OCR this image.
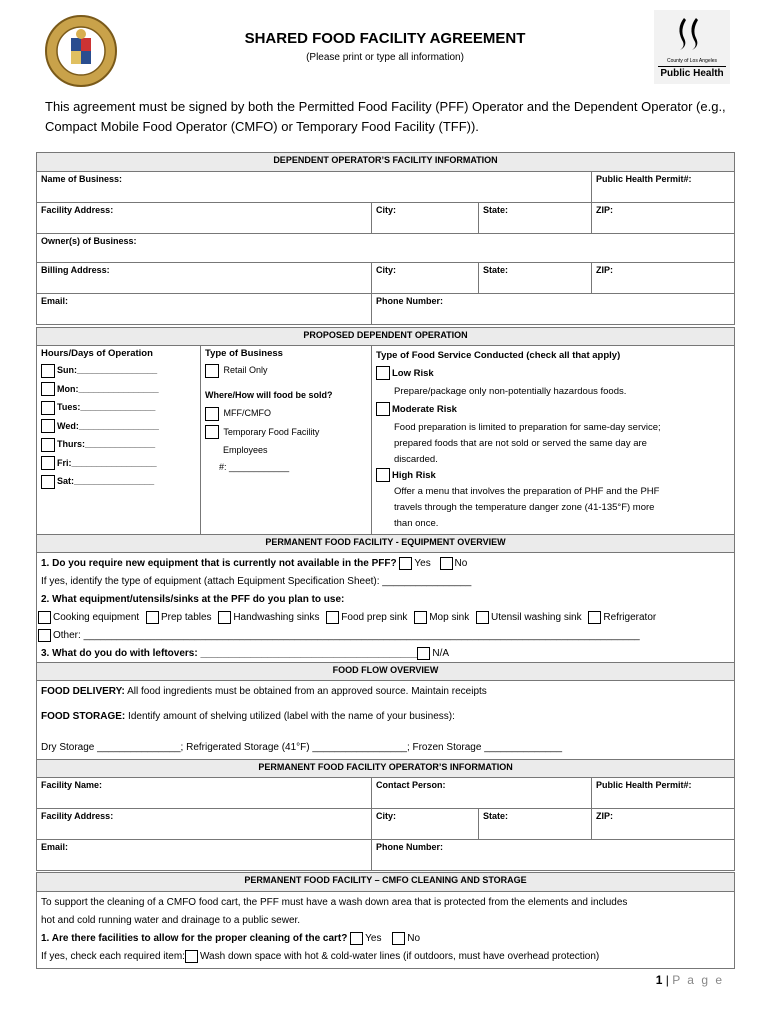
County of Los Angeles
Public Health
SHARED FOOD FACILITY AGREEMENT
(Please print or type all information)
This agreement must be signed by both the Permitted Food Facility (PFF) Operator and the Dependent Operator (e.g., Compact Mobile Food Operator (CMFO) or Temporary Food Facility (TFF)).
DEPENDENT OPERATOR’S FACILITY INFORMATION			
Name of Business:			Public Health Permit#:
Facility Address:	City:	State:	ZIP:
Owner(s) of Business:			
Billing Address:	City:	State:	ZIP:
Email:	Phone Number:		
PROPOSED DEPENDENT OPERATION

Hours/Days of Operation
Sun:________________
Mon:________________
Tues:_______________
Wed:________________
Thurs:______________
Fri:_________________
Sat:________________

Type of Business
Retail Only
Where/How will food be sold?
MFF/CMFO
Temporary Food Facility
Employees
#: ____________

Type of Food Service Conducted (check all that apply)
Low Risk
Prepare/package only non-potentially hazardous foods.
Moderate Risk
Food preparation is limited to preparation for same-day service;
prepared foods that are not sold or served the same day are
discarded.
High Risk
Offer a menu that involves the preparation of PHF and the PHF
travels through the temperature danger zone (41-135°F) more
than once.
PERMANENT FOOD FACILITY - EQUIPMENT OVERVIEW

1. Do you require new equipment that is currently not available in the PFF? Yes No
If yes, identify the type of equipment (attach Equipment Specification Sheet): ________________
2. What equipment/utensils/sinks at the PFF do you plan to use:
Cooking equipment Prep tables Handwashing sinks Food prep sink Mop sink Utensil washing sink Refrigerator
Other: ____________________________________________________________________________________________________
3. What do you do with leftovers: _______________________________________ N/A
FOOD FLOW OVERVIEW

FOOD DELIVERY: All food ingredients must be obtained from an approved source. Maintain receipts
FOOD STORAGE: Identify amount of shelving utilized (label with the name of your business):
Dry Storage _______________; Refrigerated Storage (41°F) _________________; Frozen Storage ______________
PERMANENT FOOD FACILITY OPERATOR’S INFORMATION			
Facility Name:	Contact Person:		Public Health Permit#:
Facility Address:	City:	State:	ZIP:
Email:	Phone Number:		
PERMANENT FOOD FACILITY – CMFO CLEANING AND STORAGE

To support the cleaning of a CMFO food cart, the PFF must have a wash down area that is protected from the elements and includes
hot and cold running water and drainage to a public sewer.
1. Are there facilities to allow for the proper cleaning of the cart? Yes	No
If yes, check each required item: Wash down space with hot & cold-water lines (if outdoors, must have overhead protection)
1 | P a g e
